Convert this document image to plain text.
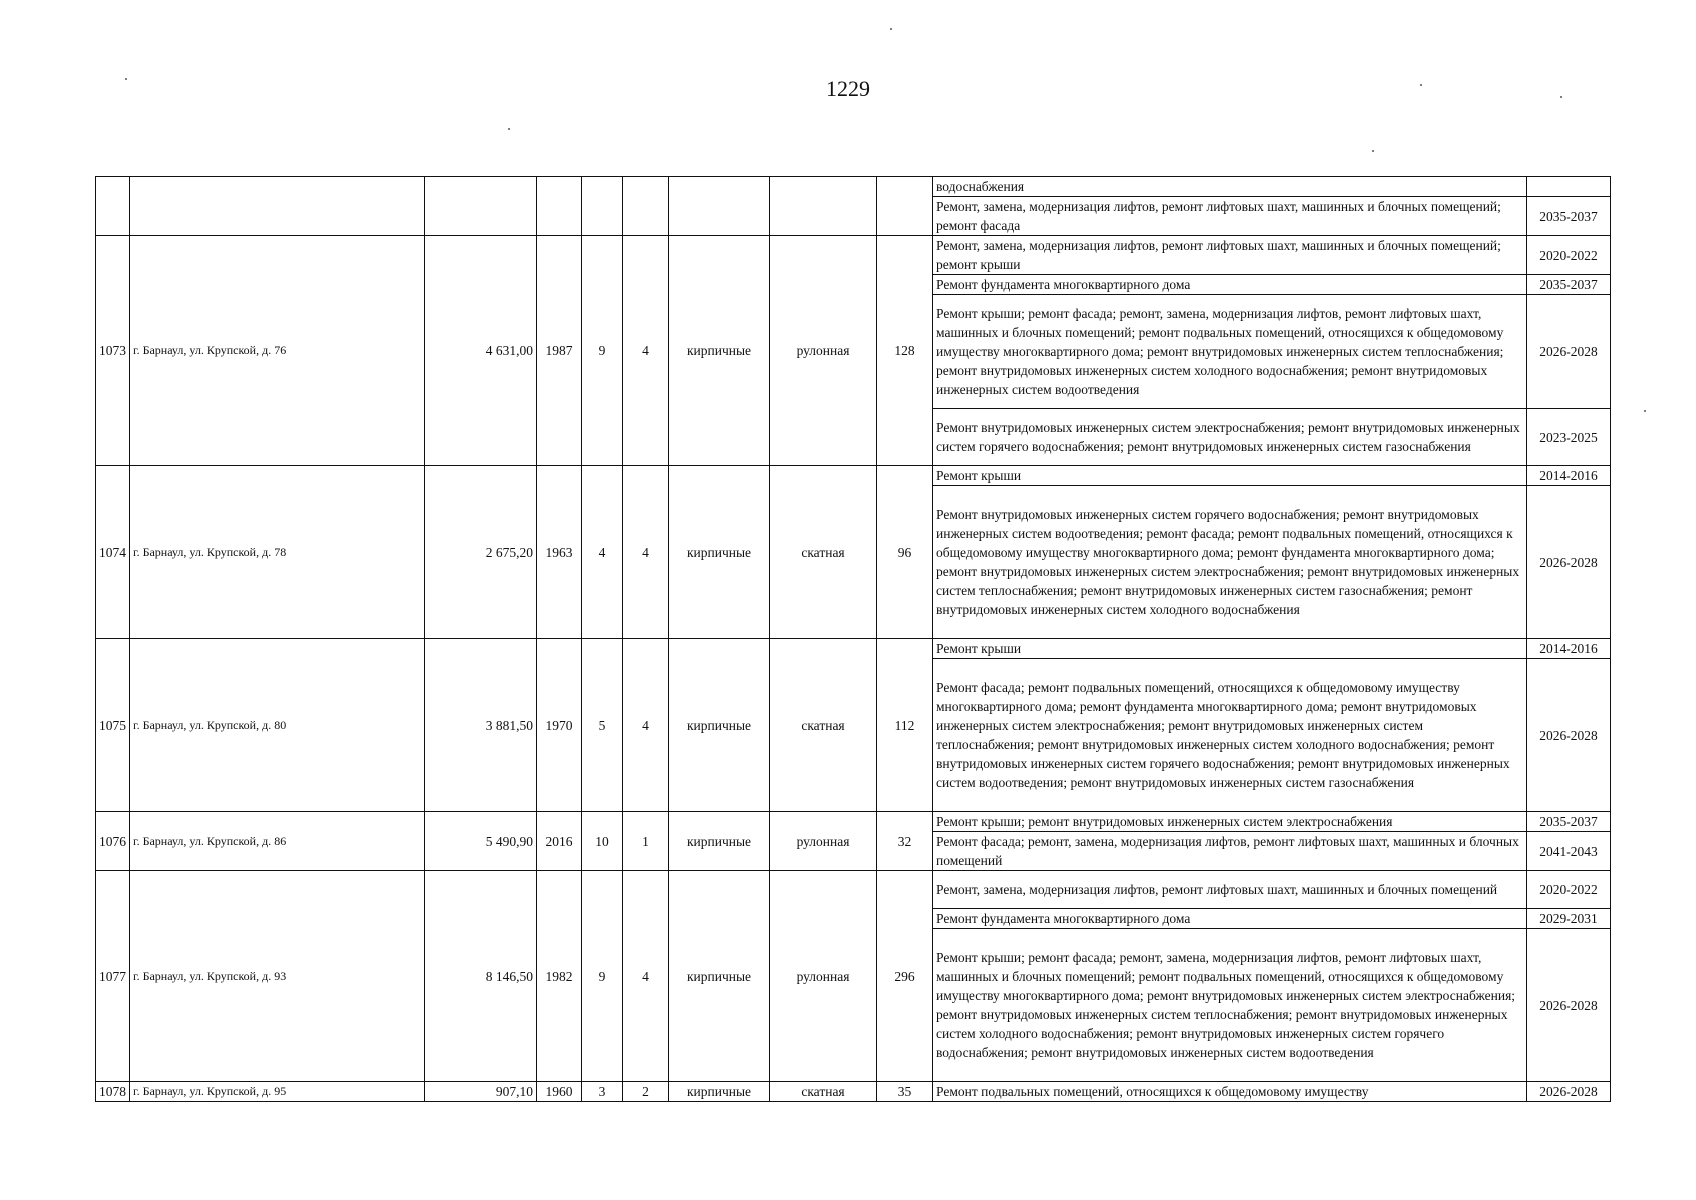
1229
									водоснабжения	
									Ремонт, замена, модернизация лифтов, ремонт лифтовых шахт, машинных и блочных помещений; ремонт фасада	2035-2037
1073	г. Барнаул, ул. Крупской, д. 76	4 631,00	1987	9	4	кирпичные	рулонная	128	Ремонт, замена, модернизация лифтов, ремонт лифтовых шахт, машинных и блочных помещений; ремонт крыши	2020-2022
									Ремонт фундамента многоквартирного дома	2035-2037
									Ремонт крыши; ремонт фасада; ремонт, замена, модернизация лифтов, ремонт лифтовых шахт, машинных и блочных помещений; ремонт подвальных помещений, относящихся к общедомовому имуществу многоквартирного дома; ремонт внутридомовых инженерных систем теплоснабжения; ремонт внутридомовых инженерных систем холодного водоснабжения; ремонт внутридомовых инженерных систем водоотведения	2026-2028
									Ремонт внутридомовых инженерных систем электроснабжения; ремонт внутридомовых инженерных систем горячего водоснабжения; ремонт внутридомовых инженерных систем газоснабжения	2023-2025
1074	г. Барнаул, ул. Крупской, д. 78	2 675,20	1963	4	4	кирпичные	скатная	96	Ремонт крыши	2014-2016
									Ремонт внутридомовых инженерных систем горячего водоснабжения; ремонт внутридомовых инженерных систем водоотведения; ремонт фасада; ремонт подвальных помещений, относящихся к общедомовому имуществу многоквартирного дома; ремонт фундамента многоквартирного дома; ремонт внутридомовых инженерных систем электроснабжения; ремонт внутридомовых инженерных систем теплоснабжения; ремонт внутридомовых инженерных систем газоснабжения; ремонт внутридомовых инженерных систем холодного водоснабжения	2026-2028
1075	г. Барнаул, ул. Крупской, д. 80	3 881,50	1970	5	4	кирпичные	скатная	112	Ремонт крыши	2014-2016
									Ремонт фасада; ремонт подвальных помещений, относящихся к общедомовому имуществу многоквартирного дома; ремонт фундамента многоквартирного дома; ремонт внутридомовых инженерных систем электроснабжения; ремонт внутридомовых инженерных систем теплоснабжения; ремонт внутридомовых инженерных систем холодного водоснабжения; ремонт внутридомовых инженерных систем горячего водоснабжения; ремонт внутридомовых инженерных систем водоотведения; ремонт внутридомовых инженерных систем газоснабжения	2026-2028
1076	г. Барнаул, ул. Крупской, д. 86	5 490,90	2016	10	1	кирпичные	рулонная	32	Ремонт крыши; ремонт внутридомовых инженерных систем электроснабжения	2035-2037
									Ремонт фасада; ремонт, замена, модернизация лифтов, ремонт лифтовых шахт, машинных и блочных помещений	2041-2043
1077	г. Барнаул, ул. Крупской, д. 93	8 146,50	1982	9	4	кирпичные	рулонная	296	Ремонт, замена, модернизация лифтов, ремонт лифтовых шахт, машинных и блочных помещений	2020-2022
									Ремонт фундамента многоквартирного дома	2029-2031
									Ремонт крыши; ремонт фасада; ремонт, замена, модернизация лифтов, ремонт лифтовых шахт, машинных и блочных помещений; ремонт подвальных помещений, относящихся к общедомовому имуществу многоквартирного дома; ремонт внутридомовых инженерных систем электроснабжения; ремонт внутридомовых инженерных систем теплоснабжения; ремонт внутридомовых инженерных систем холодного водоснабжения; ремонт внутридомовых инженерных систем горячего водоснабжения; ремонт внутридомовых инженерных систем водоотведения	2026-2028
1078	г. Барнаул, ул. Крупской, д. 95	907,10	1960	3	2	кирпичные	скатная	35	Ремонт подвальных помещений, относящихся к общедомовому имуществу	2026-2028
